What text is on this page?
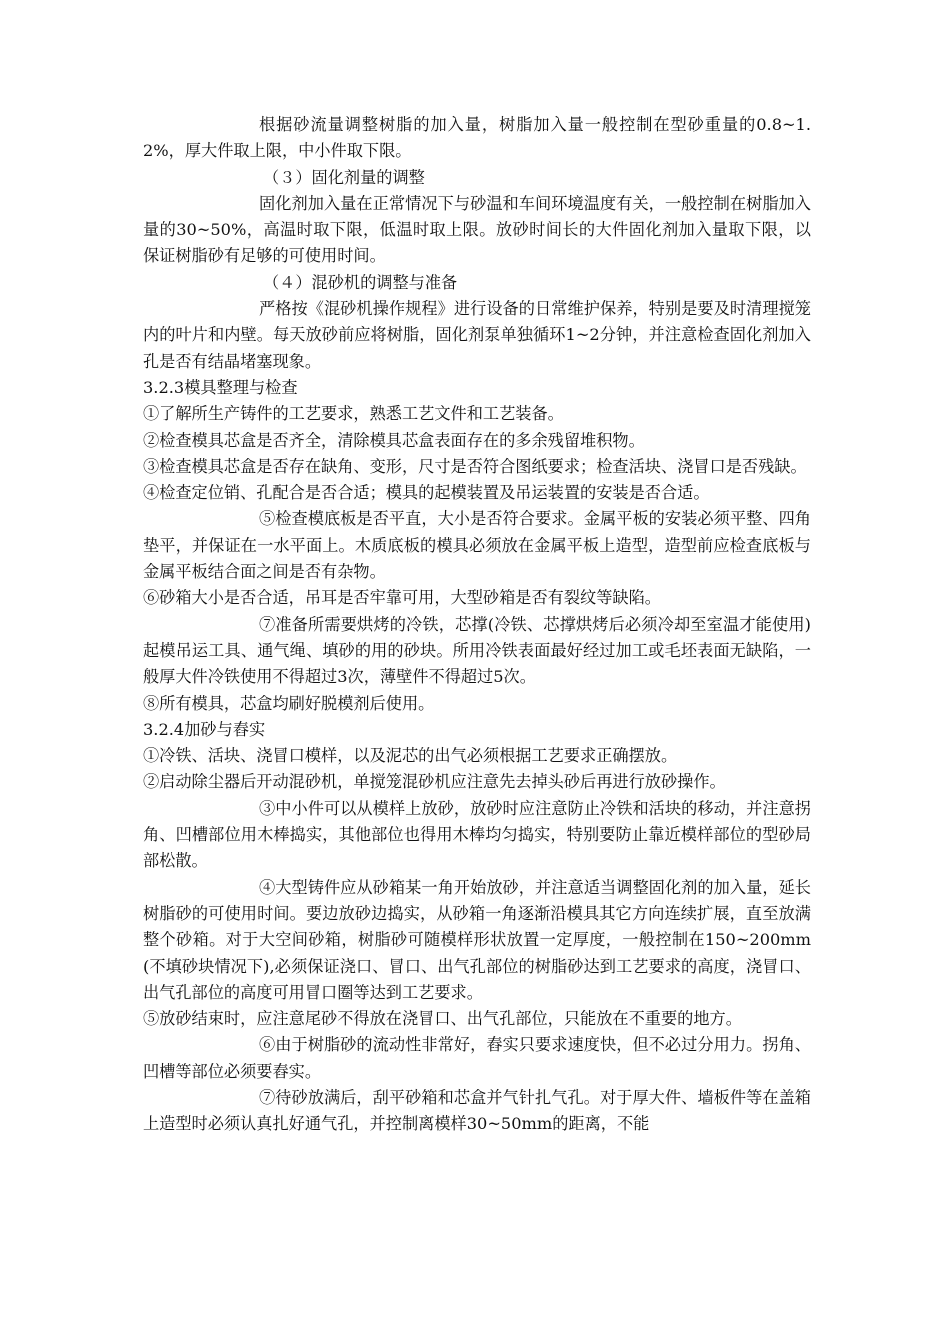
根据砂流量调整树脂的加入量，树脂加入量一般控制在型砂重量的0.8~1.2%，厚大件取上限，中小件取下限。

（３）固化剂量的调整

固化剂加入量在正常情况下与砂温和车间环境温度有关，一般控制在树脂加入量的30~50%，高温时取下限，低温时取上限。放砂时间长的大件固化剂加入量取下限，以保证树脂砂有足够的可使用时间。

（４）混砂机的调整与准备

严格按《混砂机操作规程》进行设备的日常维护保养，特别是要及时清理搅笼内的叶片和内壁。每天放砂前应将树脂，固化剂泵单独循环1~2分钟，并注意检查固化剂加入孔是否有结晶堵塞现象。

3.2.3模具整理与检查

①了解所生产铸件的工艺要求，熟悉工艺文件和工艺装备。

②检查模具芯盒是否齐全，清除模具芯盒表面存在的多余残留堆积物。

③检查模具芯盒是否存在缺角、变形，尺寸是否符合图纸要求；检查活块、浇冒口是否残缺。

④检查定位销、孔配合是否合适；模具的起模装置及吊运装置的安装是否合适。

⑤检查模底板是否平直，大小是否符合要求。金属平板的安装必须平整、四角垫平，并保证在一水平面上。木质底板的模具必须放在金属平板上造型，造型前应检查底板与金属平板结合面之间是否有杂物。

⑥砂箱大小是否合适，吊耳是否牢靠可用，大型砂箱是否有裂纹等缺陷。

⑦准备所需要烘烤的冷铁，芯撑(冷铁、芯撑烘烤后必须冷却至室温才能使用)起模吊运工具、通气绳、填砂的用的砂块。所用冷铁表面最好经过加工或毛坯表面无缺陷，一般厚大件冷铁使用不得超过3次，薄壁件不得超过5次。

⑧所有模具，芯盒均刷好脱模剂后使用。

3.2.4加砂与舂实

①冷铁、活块、浇冒口模样，以及泥芯的出气必须根据工艺要求正确摆放。

②启动除尘器后开动混砂机，单搅笼混砂机应注意先去掉头砂后再进行放砂操作。

③中小件可以从模样上放砂，放砂时应注意防止冷铁和活块的移动，并注意拐角、凹槽部位用木棒捣实，其他部位也得用木棒均匀捣实，特别要防止靠近模样部位的型砂局部松散。

④大型铸件应从砂箱某一角开始放砂，并注意适当调整固化剂的加入量，延长树脂砂的可使用时间。要边放砂边捣实，从砂箱一角逐渐沿模具其它方向连续扩展，直至放满整个砂箱。对于大空间砂箱，树脂砂可随模样形状放置一定厚度，一般控制在150~200mm(不填砂块情况下),必须保证浇口、冒口、出气孔部位的树脂砂达到工艺要求的高度，浇冒口、出气孔部位的高度可用冒口圈等达到工艺要求。

⑤放砂结束时，应注意尾砂不得放在浇冒口、出气孔部位，只能放在不重要的地方。

⑥由于树脂砂的流动性非常好，舂实只要求速度快，但不必过分用力。拐角、凹槽等部位必须要舂实。

⑦待砂放满后，刮平砂箱和芯盒并气针扎气孔。对于厚大件、墙板件等在盖箱上造型时必须认真扎好通气孔，并控制离模样30~50mm的距离，不能
